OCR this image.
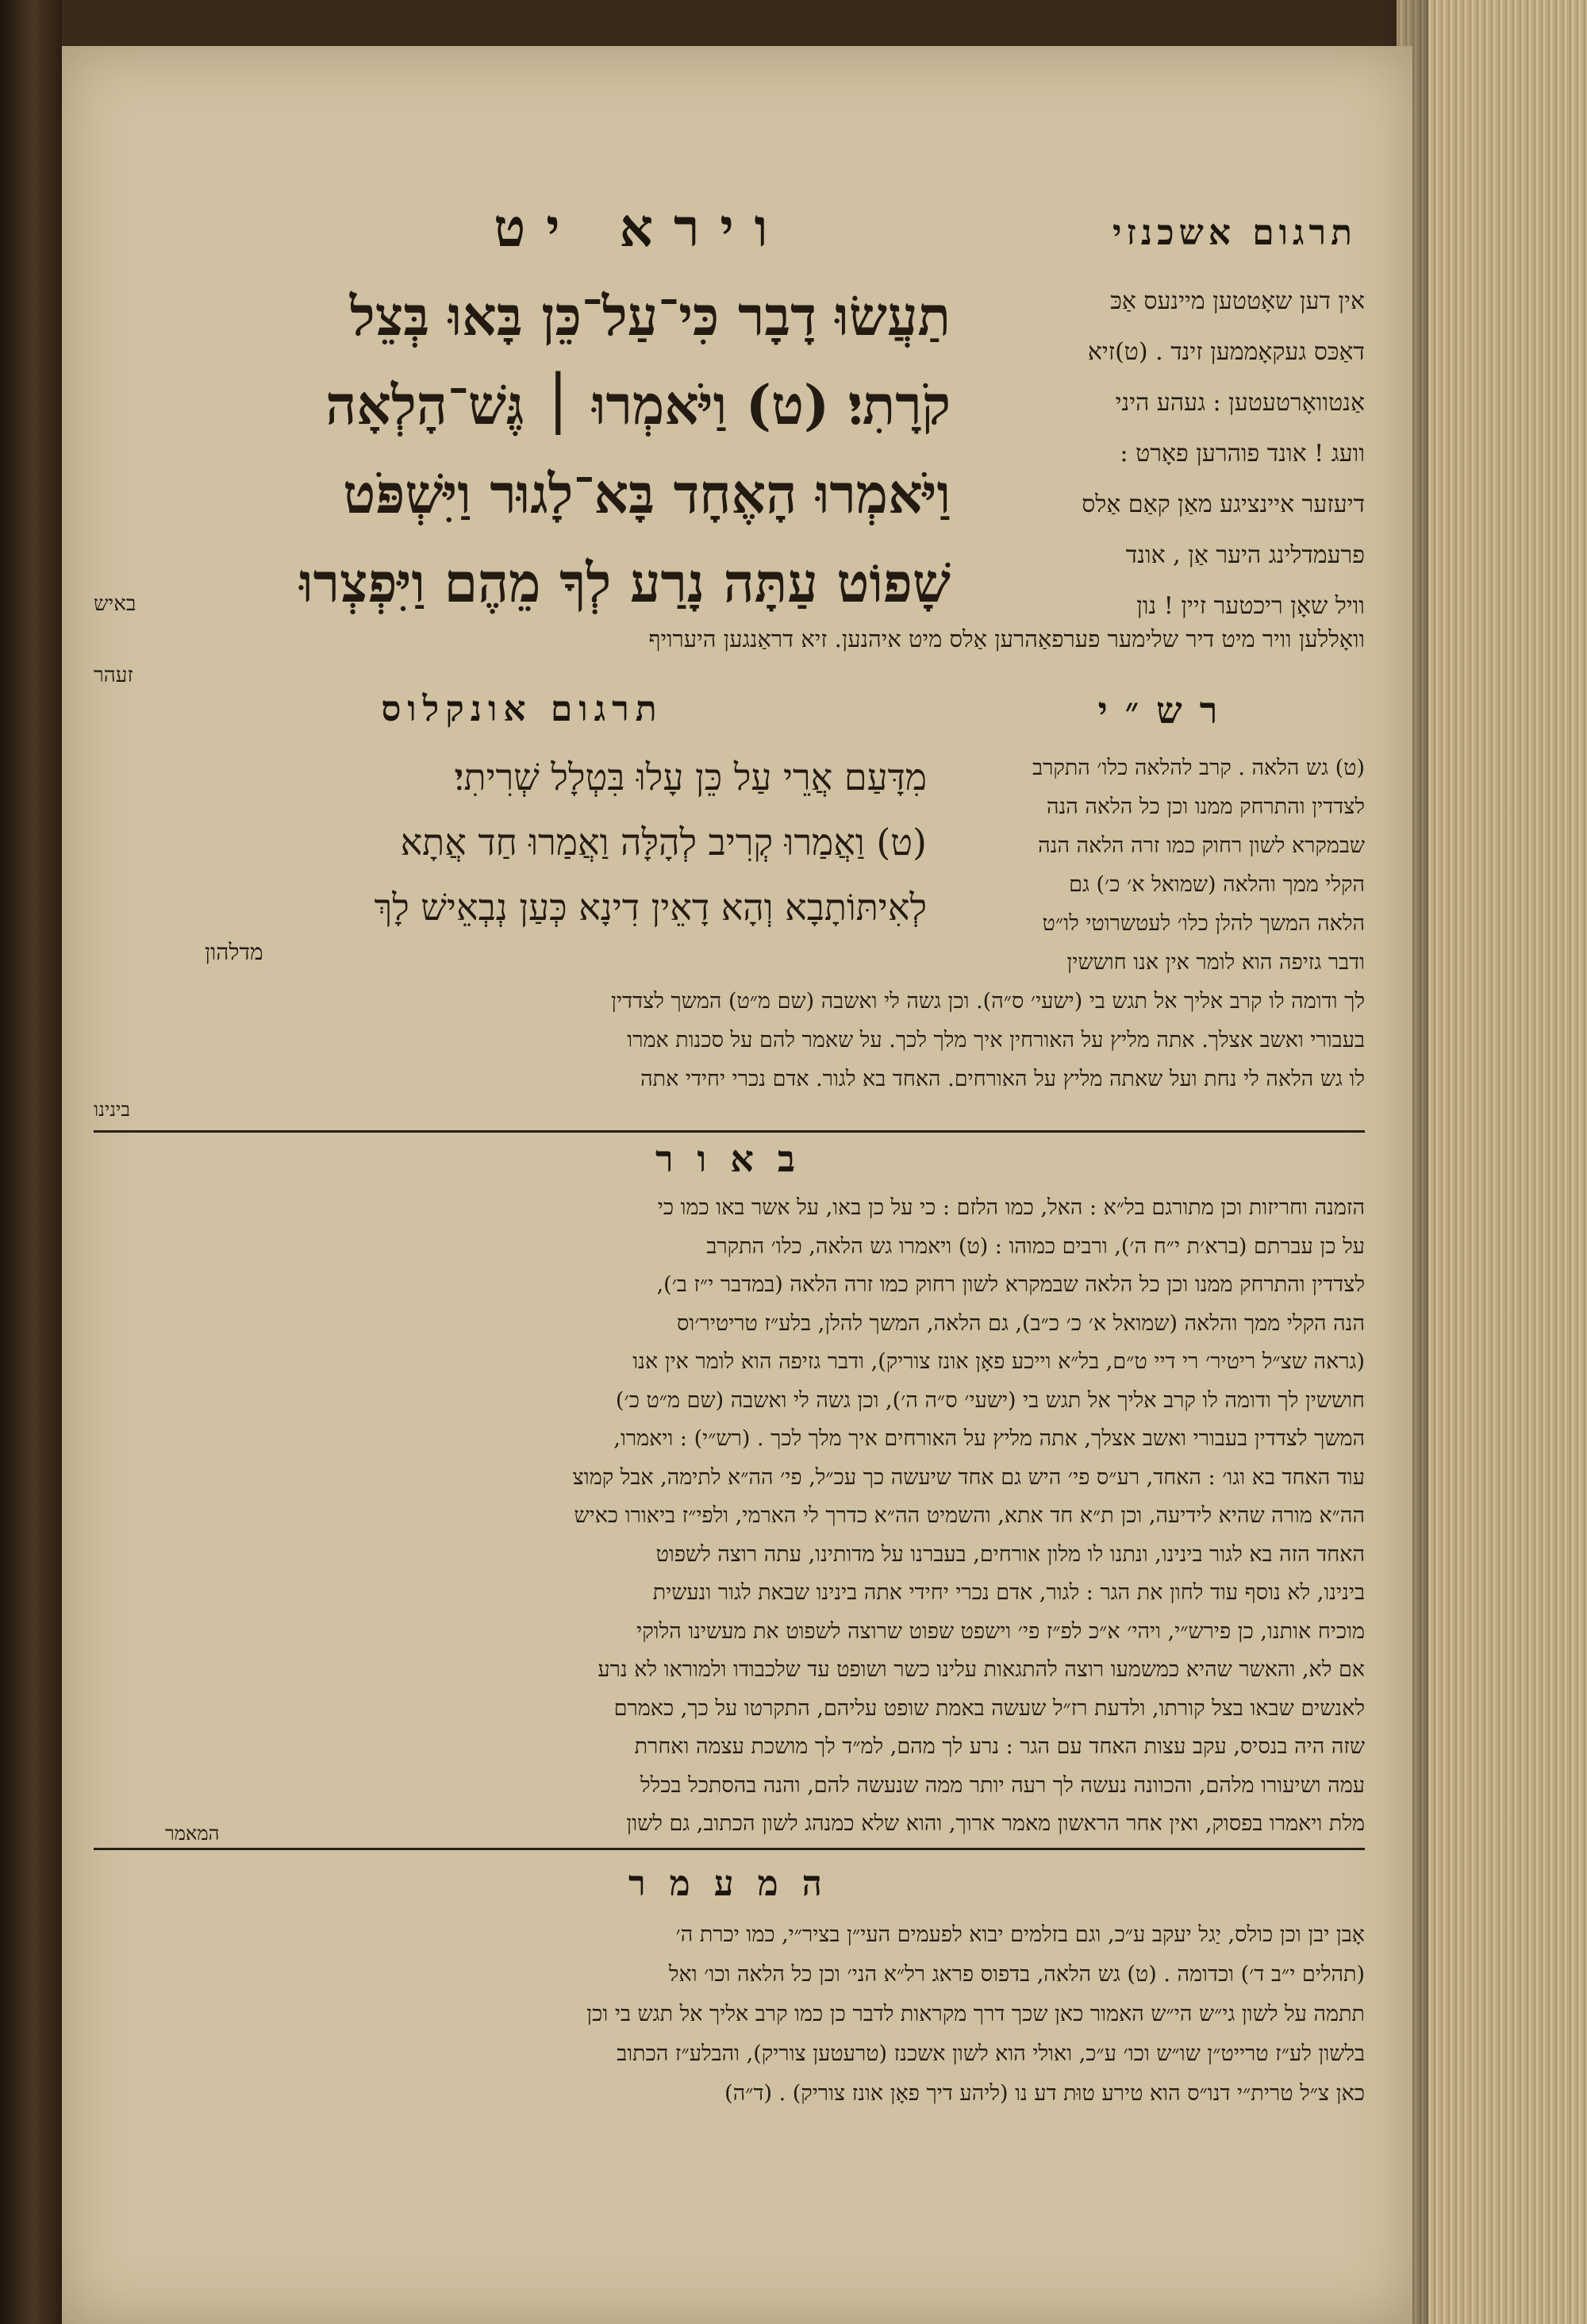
תרגום אשכנזי
וירא יט
אין דען שאָטטען מיינעס אַכּ
דאַכּס געקאָממען זינד . (ט)זיא
אַנטוואָרטעטען : געהע היני
וועג ! אונד פוהרען פאָרט :
דיעזער איינציגע מאַן קאַם אַלס
פרעמדלינג היער אַן , אונד
וויל שאָן ריכטער זיין ! נון
תַעֲשׂוּ דָבָר כִּי־עַל־כֵּן בָּאוּ בְּצֵל
קֹרָתִי׃ (ט) וַיֹּאמְרוּ ׀ גֶּשׁ־הָלְאָה
וַיֹּאמְרוּ הָאֶחָד בָּא־לָגוּר וַיִּשְׁפֹּט
שָׁפוֹט עַתָּה נָרַע לְךָ מֵהֶם וַיִּפְצְרוּ
באיש
וואָללען וויר מיט דיר שלימער פערפאַהרען אַלס מיט איהנען. זיא דראַנגען היערויף
זעהר
רש״י
תרגום אונקלוס
(ט) גש הלאה . קרב להלאה כלו׳ התקרב
לצדדין והתרחק ממנו וכן כל הלאה הנה
שבמקרא לשון רחוק כמו זרה הלאה הנה
הקלי ממך והלאה (שמואל א׳ כ׳) גם
הלאה המשך להלן כלו׳ לעטשרוטי לו״ט
מִדָּעַם אֲרֵי עַל כֵּן עָלוּ בִּטְלָל שְׁרִיתִי׃
(ט) וַאֲמַרוּ קְרִיב לְהָלָּה וַאֲמַרוּ חַד אֲתָא
לְאִיתּוֹתָבָא וְהָא דָאֵין דִינָא כְּעַן נְבְאֵישׁ לָךְ
מדלהון	ודבר גזיפה הוא לומר אין אנו חוששין
לך ודומה לו קרב אליך אל תגש בי (ישעי׳ ס״ה). וכן גשה לי ואשבה (שם מ״ט) המשך לצדדין
בעבורי ואשב אצלך. אתה מליץ על האורחין איך מלך לכך. על שאמר להם על סכנות אמרו
לו גש הלאה לי נחת ועל שאתה מליץ על האורחים. האחד בא לגור. אדם נכרי יחידי אתה
בינינו
באור
הזמנה וחריזות וכן מתורגם בל״א : האל, כמו הלזם : כי על כן באו, על אשר באו כמו כי
על כן עברתם (ברא׳ת י״ח ה׳), ורבים כמוהו : (ט) ויאמרו גש הלאה, כלו׳ התקרב
לצדדין והתרחק ממנו וכן כל הלאה שבמקרא לשון רחוק כמו זרה הלאה (במדבר י״ז ב׳),
הנה הקלי ממך והלאה (שמואל א׳ כ׳ כ״ב), גם הלאה, המשך להלן, בלע״ז טריטיר׳וס
(גראה שצ״ל ריטיר׳ רי דיי ט״ם, בל״א וייכע פאָן אונז צוריק), ודבר גזיפה הוא לומר אין אנו
חוששין לך ודומה לו קרב אליך אל תגש בי (ישעי׳ ס״ה ה׳), וכן גשה לי ואשבה (שם מ״ט כ׳)
המשך לצדדין בעבורי ואשב אצלך, אתה מליץ על האורחים איך מלך לכך . (רש״י) : ויאמרו,
עוד האחד בא וגו׳ : האחד, רע״ס פי׳ היש גם אחד שיעשה כך עכ״ל, פי׳ הה״א לתימה, אבל קמוצ
הה״א מורה שהיא לידיעה, וכן ת״א חד אתא, והשמיט הה״א כדרך לי הארמי, ולפי״ז ביאורו כאיש
האחד הזה בא לגור בינינו, ונתנו לו מלון אורחים, בעברנו על מדותינו, עתה רוצה לשפוט
בינינו, לא נוסף עוד לחון את הגר : לגור, אדם נכרי יחידי אתה בינינו שבאת לגור ונעשית
מוכיח אותנו, כן פירש״י, ויהי׳ א״כ לפ״ז פי׳ וישפט שפוט שרוצה לשפוט את מעשינו הלוקי
אם לא, והאשר שהיא כמשמעו רוצה להתגאות עלינו כשר ושופט עד שלכבודו ולמוראו לא נרע
לאנשים שבאו בצל קורתו, ולדעת רז״ל שעשה באמת שופט עליהם, התקרטו על כך, כאמרם
שזה היה בנסיס, עקב עצות האחד עם הגר : נרע לך מהם, למ״ד לך מושכת עצמה ואחרת
עמה ושיעורו מלהם, והכוונה נעשה לך רעה יותר ממה שנעשה להם, והנה בהסתכל בכלל
מלת ויאמרו בפסוק, ואין אחר הראשון מאמר ארוך, והוא שלא כמנהג לשון הכתוב, גם לשון
המאמר
המעמר
אָבן יבן וכן כולס, יַגל יעקב ע״כ, וגם בזלמים יבוא לפעמים העי״ן בציר״י, כמו יכרת ה׳
(תהלים י״ב ד׳) וכדומה . (ט) גש הלאה, בדפוס פראג רל״א הני׳ וכן כל הלאה וכו׳ ואל
תתמה על לשון גי״ש הי״ש האמור כאן שכך דרך מקראות לדבר כן כמו קרב אליך אל תגש בי וכן
בלשון לע״ז טרייט״ן שו״ש וכו׳ ע״כ, ואולי הוא לשון אשכנז (טרעטען צוריק), והבלע״ז הכתוב
כאן צ״ל טרית״י דנו״ס הוא טירע טוּת דע נו (ליהע דיך פאָן אונז צוריק) . (ד״ה)
